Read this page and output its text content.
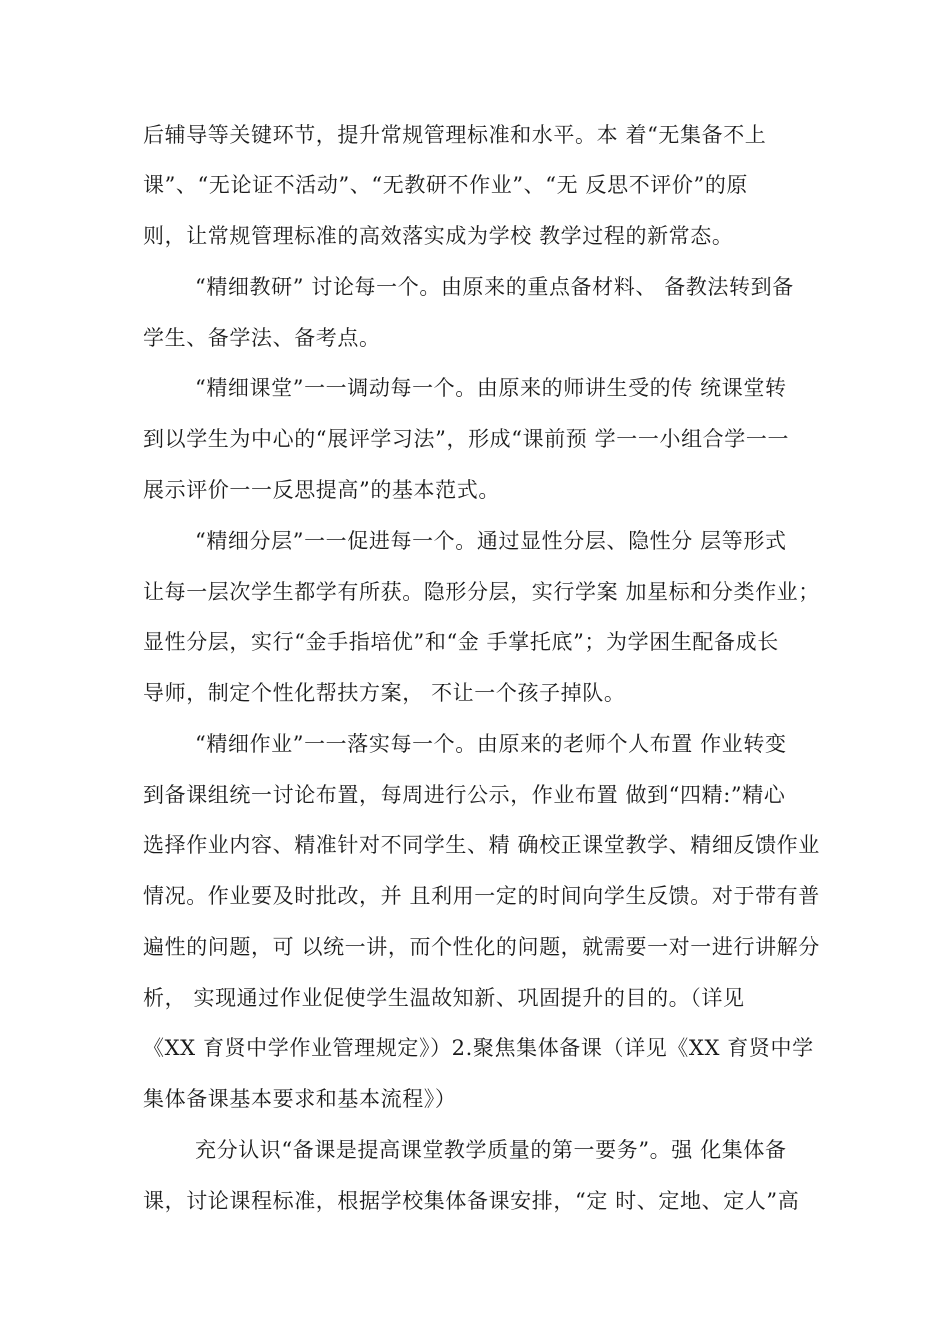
后辅导等关键环节，提升常规管理标准和水平。本 着“无集备不上
课”、“无论证不活动”、“无教研不作业”、“无 反思不评价”的原
则，让常规管理标准的高效落实成为学校 教学过程的新常态。
“精细教研” 讨论每一个。由原来的重点备材料、 备教法转到备
学生、备学法、备考点。
“精细课堂”一一调动每一个。由原来的师讲生受的传 统课堂转
到以学生为中心的“展评学习法”，形成“课前预 学一一小组合学一一
展示评价一一反思提高”的基本范式。
“精细分层”一一促进每一个。通过显性分层、隐性分 层等形式
让每一层次学生都学有所获。隐形分层，实行学案 加星标和分类作业；
显性分层，实行“金手指培优”和“金 手掌托底”；为学困生配备成长
导师，制定个性化帮扶方案， 不让一个孩子掉队。
“精细作业”一一落实每一个。由原来的老师个人布置 作业转变
到备课组统一讨论布置，每周进行公示，作业布置 做到“四精:”精心
选择作业内容、精准针对不同学生、精 确校正课堂教学、精细反馈作业
情况。作业要及时批改，并 且利用一定的时间向学生反馈。对于带有普
遍性的问题，可 以统一讲，而个性化的问题，就需要一对一进行讲解分
析， 实现通过作业促使学生温故知新、巩固提升的目的。（详见
《XX 育贤中学作业管理规定》）2.聚焦集体备课（详见《XX 育贤中学
集体备课基本要求和基本流程》）
充分认识“备课是提高课堂教学质量的第一要务”。强 化集体备
课，讨论课程标准，根据学校集体备课安排，“定 时、定地、定人”高
